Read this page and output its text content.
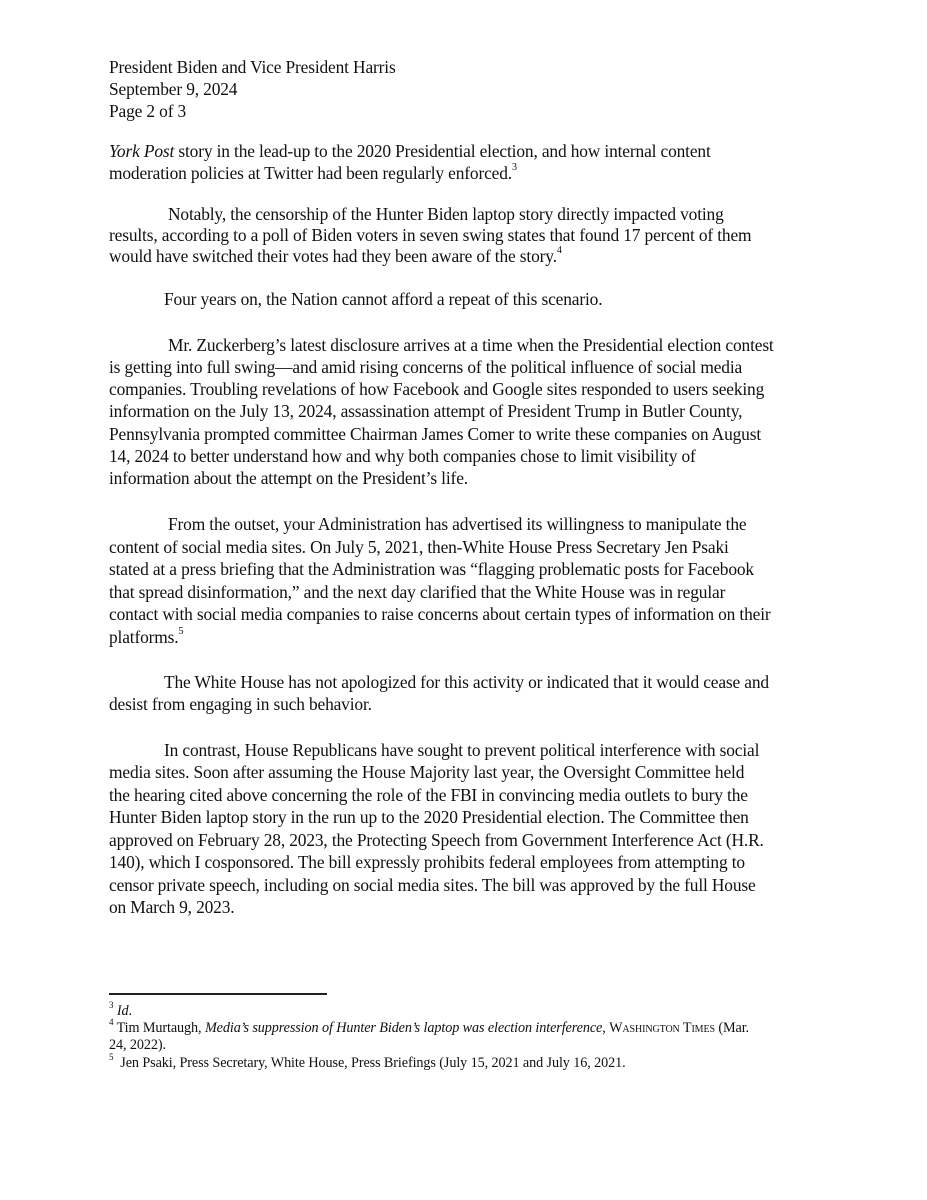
President Biden and Vice President Harris
September 9, 2024
Page 2 of 3
York Post story in the lead-up to the 2020 Presidential election, and how internal content
moderation policies at Twitter had been regularly enforced.$^3$
Notably, the censorship of the Hunter Biden laptop story directly impacted voting
results, according to a poll of Biden voters in seven swing states that found 17 percent of them
would have switched their votes had they been aware of the story.$^4$
Four years on, the Nation cannot afford a repeat of this scenario.
Mr. Zuckerberg’s latest disclosure arrives at a time when the Presidential election contest
is getting into full swing—and amid rising concerns of the political influence of social media
companies. Troubling revelations of how Facebook and Google sites responded to users seeking
information on the July 13, 2024, assassination attempt of President Trump in Butler County,
Pennsylvania prompted committee Chairman James Comer to write these companies on August
14, 2024 to better understand how and why both companies chose to limit visibility of
information about the attempt on the President’s life.
From the outset, your Administration has advertised its willingness to manipulate the
content of social media sites. On July 5, 2021, then-White House Press Secretary Jen Psaki
stated at a press briefing that the Administration was “flagging problematic posts for Facebook
that spread disinformation,” and the next day clarified that the White House was in regular
contact with social media companies to raise concerns about certain types of information on their
platforms.$^5$
The White House has not apologized for this activity or indicated that it would cease and
desist from engaging in such behavior.
In contrast, House Republicans have sought to prevent political interference with social
media sites. Soon after assuming the House Majority last year, the Oversight Committee held
the hearing cited above concerning the role of the FBI in convincing media outlets to bury the
Hunter Biden laptop story in the run up to the 2020 Presidential election. The Committee then
approved on February 28, 2023, the Protecting Speech from Government Interference Act (H.R.
140), which I cosponsored. The bill expressly prohibits federal employees from attempting to
censor private speech, including on social media sites. The bill was approved by the full House
on March 9, 2023.
$^3$ Id.
$^4$ Tim Murtaugh, Media’s suppression of Hunter Biden’s laptop was election interference, Washington Times (Mar.
24, 2022).
$^5$  Jen Psaki, Press Secretary, White House, Press Briefings (July 15, 2021 and July 16, 2021.
